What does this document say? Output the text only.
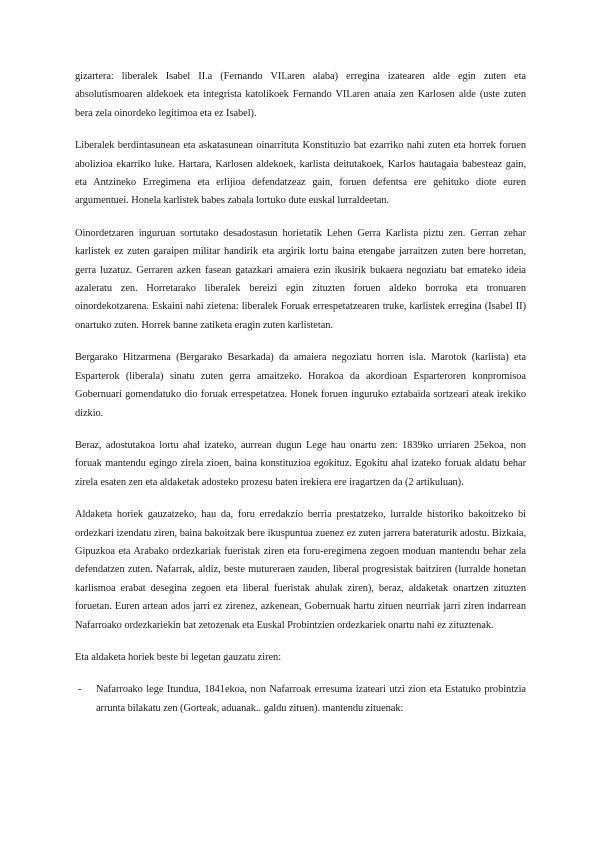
gizartera: liberalek Isabel II.a (Fernando VII.aren alaba) erregina izatearen alde egin zuten eta absolutismoaren aldekoek eta integrista katolikoek Fernando VII.aren anaia zen Karlosen alde (uste zuten bera zela oinordeko legitimoa eta ez Isabel).

Liberalek berdintasunean eta askatasunean oinarrituta Konstituzio bat ezarriko nahi zuten eta horrek foruen abolizioa ekarriko luke. Hartara, Karlosen aldekoek, karlista deitutakoek, Karlos hautagaia babesteaz gain, eta Antzineko Erregimena eta erlijioa defendatzeaz gain, foruen defentsa ere gehituko diote euren argumentuei. Honela karlistek babes zabala lortuko dute euskal lurraldeetan.

Oinordetzaren inguruan sortutako desadostasun horietatik Lehen Gerra Karlista piztu zen. Gerran zehar karlistek ez zuten garaipen militar handirik eta argirik lortu baina etengabe jarraitzen zuten bere horretan, gerra luzatuz. Gerraren azken fasean gatazkari amaiera ezin ikusirik bukaera negoziatu bat emateko ideia azaleratu zen. Horretarako liberalek bereizi egin zituzten foruen aldeko borroka eta tronuaren oinordekotzarena. Eskaini nahi zietena: liberalek Foruak errespetatzearen truke, karlistek erregina (Isabel II) onartuko zuten. Horrek banne zatiketa eragin zuten karlistetan.

Bergarako Hitzarmena (Bergarako Besarkada) da amaiera negoziatu horren isla. Marotok (karlista) eta Esparterok (liberala) sinatu zuten gerra amaitzeko. Horakoa da akordioan Esparteroren konpromisoa Gobernuari gomendatuko dio foruak errespetatzea. Honek foruen inguruko eztabaida sortzeari ateak irekiko dizkio.

Beraz, adostutakoa lortu ahal izateko, aurrean dugun Lege hau onartu zen: 1839ko urriaren 25ekoa, non foruak mantendu egingo zirela zioen, baina konstituzioa egokituz. Egokitu ahal izateko foruak aldatu behar zirela esaten zen eta aldaketak adosteko prozesu baten irekiera ere iragartzen da (2 artikuluan).

Aldaketa horiek gauzatzeko, hau da, foru erredakzio berria prestatzeko, lurralde historiko bakoitzeko bi ordezkari izendatu ziren, baina bakoitzak bere ikuspuntua zuenez ez zuten jarrera bateraturik adostu. Bizkaia, Gipuzkoa eta Arabako ordezkariak fueristak ziren eta foru-eregimena zegoen moduan mantendu behar zela defendatzen zuten. Nafarrak, aldiz, beste mutureraen zauden, liberal progresistak baitziren (lurralde honetan karlismoa erabat desegina zegoen eta liberal fueristak ahulak ziren), beraz, aldaketak onartzen zituzten foruetan. Euren artean ados jarri ez zirenez, azkenean, Gobernuak hartu zituen neurriak jarri ziren indarrean Nafarroako ordezkariekin bat zetozenak eta Euskal Probintzien ordezkariek onartu nahi ez zituztenak.

Eta aldaketa horiek beste bi legetan gauzatu ziren:

- Nafarroako lege Itunduа, 1841ekoa, non Nafarroak erresuma izateari utzi zion eta Estatuko probintzia arrunta bilakatu zen (Gorteak, aduanak.. galdu zituen). mantendu zituenak:
